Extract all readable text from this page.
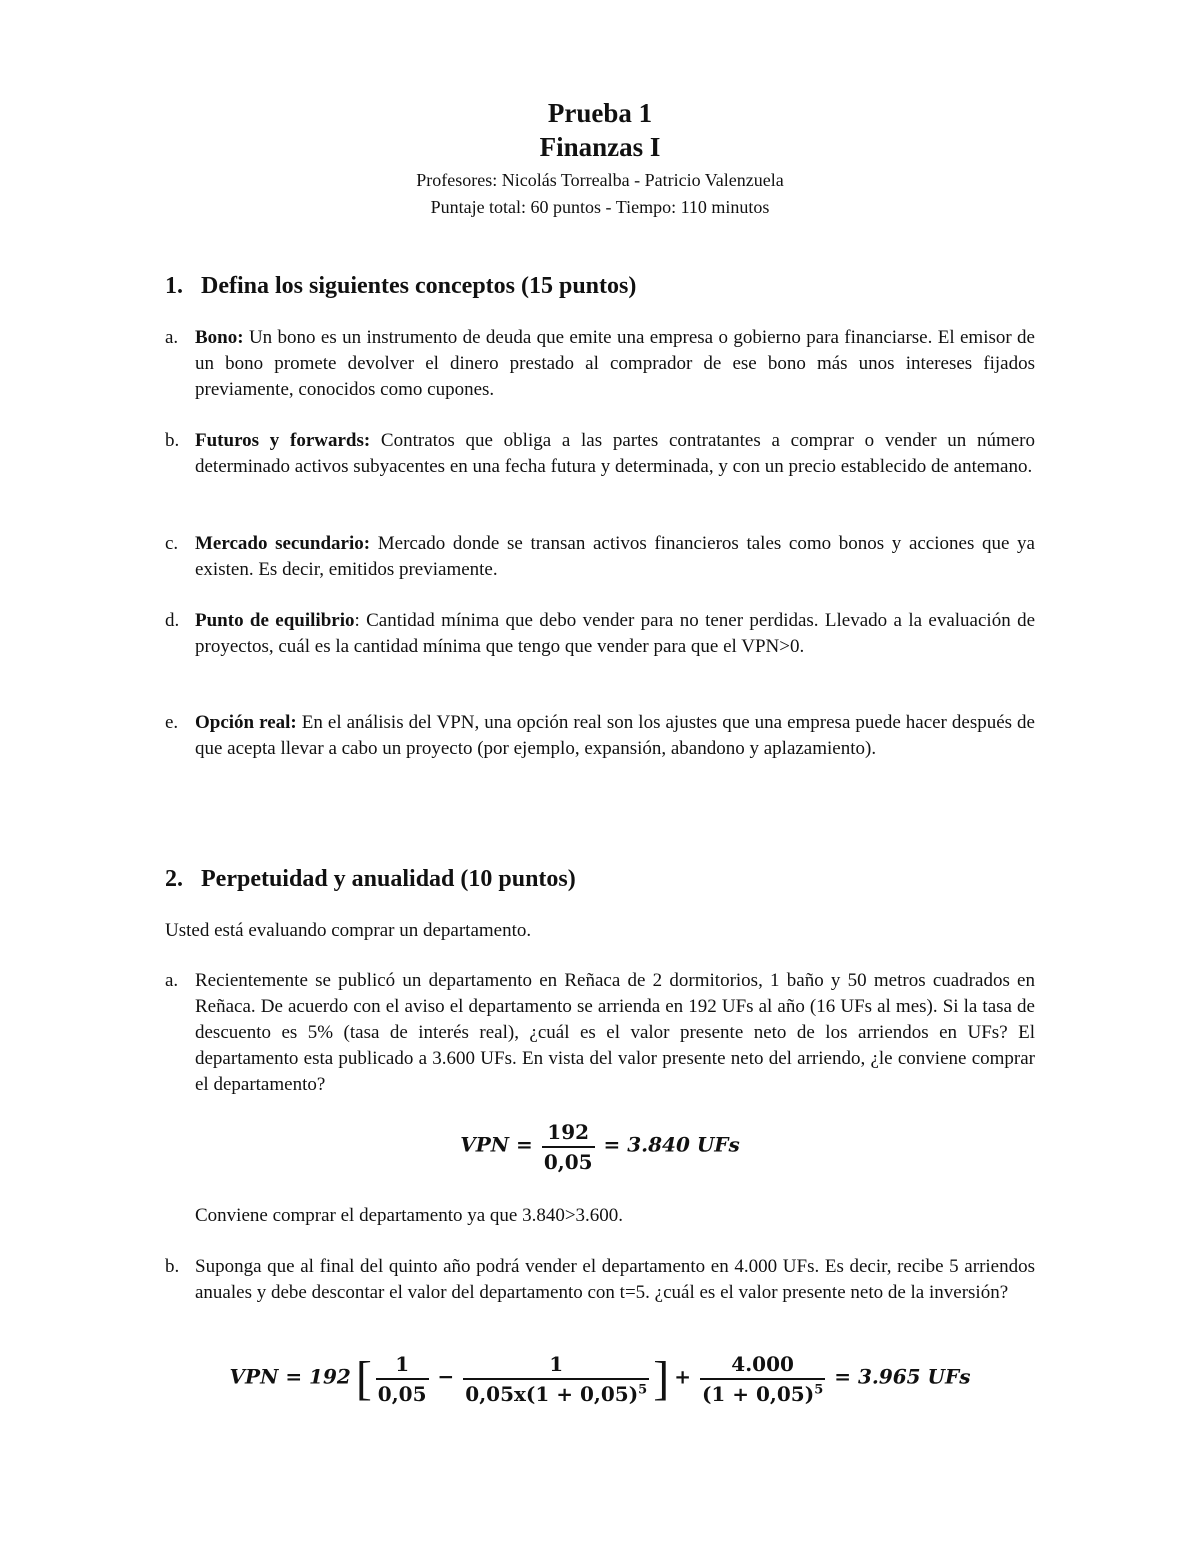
Prueba 1
Finanzas I
Profesores: Nicolás Torrealba - Patricio Valenzuela
Puntaje total: 60 puntos - Tiempo: 110 minutos
1. Defina los siguientes conceptos (15 puntos)
a. Bono: Un bono es un instrumento de deuda que emite una empresa o gobierno para financiarse. El emisor de un bono promete devolver el dinero prestado al comprador de ese bono más unos intereses fijados previamente, conocidos como cupones.
b. Futuros y forwards: Contratos que obliga a las partes contratantes a comprar o vender un número determinado activos subyacentes en una fecha futura y determinada, y con un precio establecido de antemano.
c. Mercado secundario: Mercado donde se transan activos financieros tales como bonos y acciones que ya existen. Es decir, emitidos previamente.
d. Punto de equilibrio: Cantidad mínima que debo vender para no tener perdidas. Llevado a la evaluación de proyectos, cuál es la cantidad mínima que tengo que vender para que el VPN>0.
e. Opción real: En el análisis del VPN, una opción real son los ajustes que una empresa puede hacer después de que acepta llevar a cabo un proyecto (por ejemplo, expansión, abandono y aplazamiento).
2. Perpetuidad y anualidad (10 puntos)
Usted está evaluando comprar un departamento.
a. Recientemente se publicó un departamento en Reñaca de 2 dormitorios, 1 baño y 50 metros cuadrados en Reñaca. De acuerdo con el aviso el departamento se arrienda en 192 UFs al año (16 UFs al mes). Si la tasa de descuento es 5% (tasa de interés real), ¿cuál es el valor presente neto de los arriendos en UFs? El departamento esta publicado a 3.600 UFs. En vista del valor presente neto del arriendo, ¿le conviene comprar el departamento?
VPN = $\frac{192}{0,05} = 3.840$ UFs
Conviene comprar el departamento ya que 3.840>3.600.
b. Suponga que al final del quinto año podrá vender el departamento en 4.000 UFs. Es decir, recibe 5 arriendos anuales y debe descontar el valor del departamento con t=5. ¿cuál es el valor presente neto de la inversión?
VPN = 192 [ $\frac{1}{0,05} - \frac{1}{0,05x(1 + 0,05)^5}$ ] + $\frac{4.000}{(1 + 0,05)^5} = 3.965$ UFs
